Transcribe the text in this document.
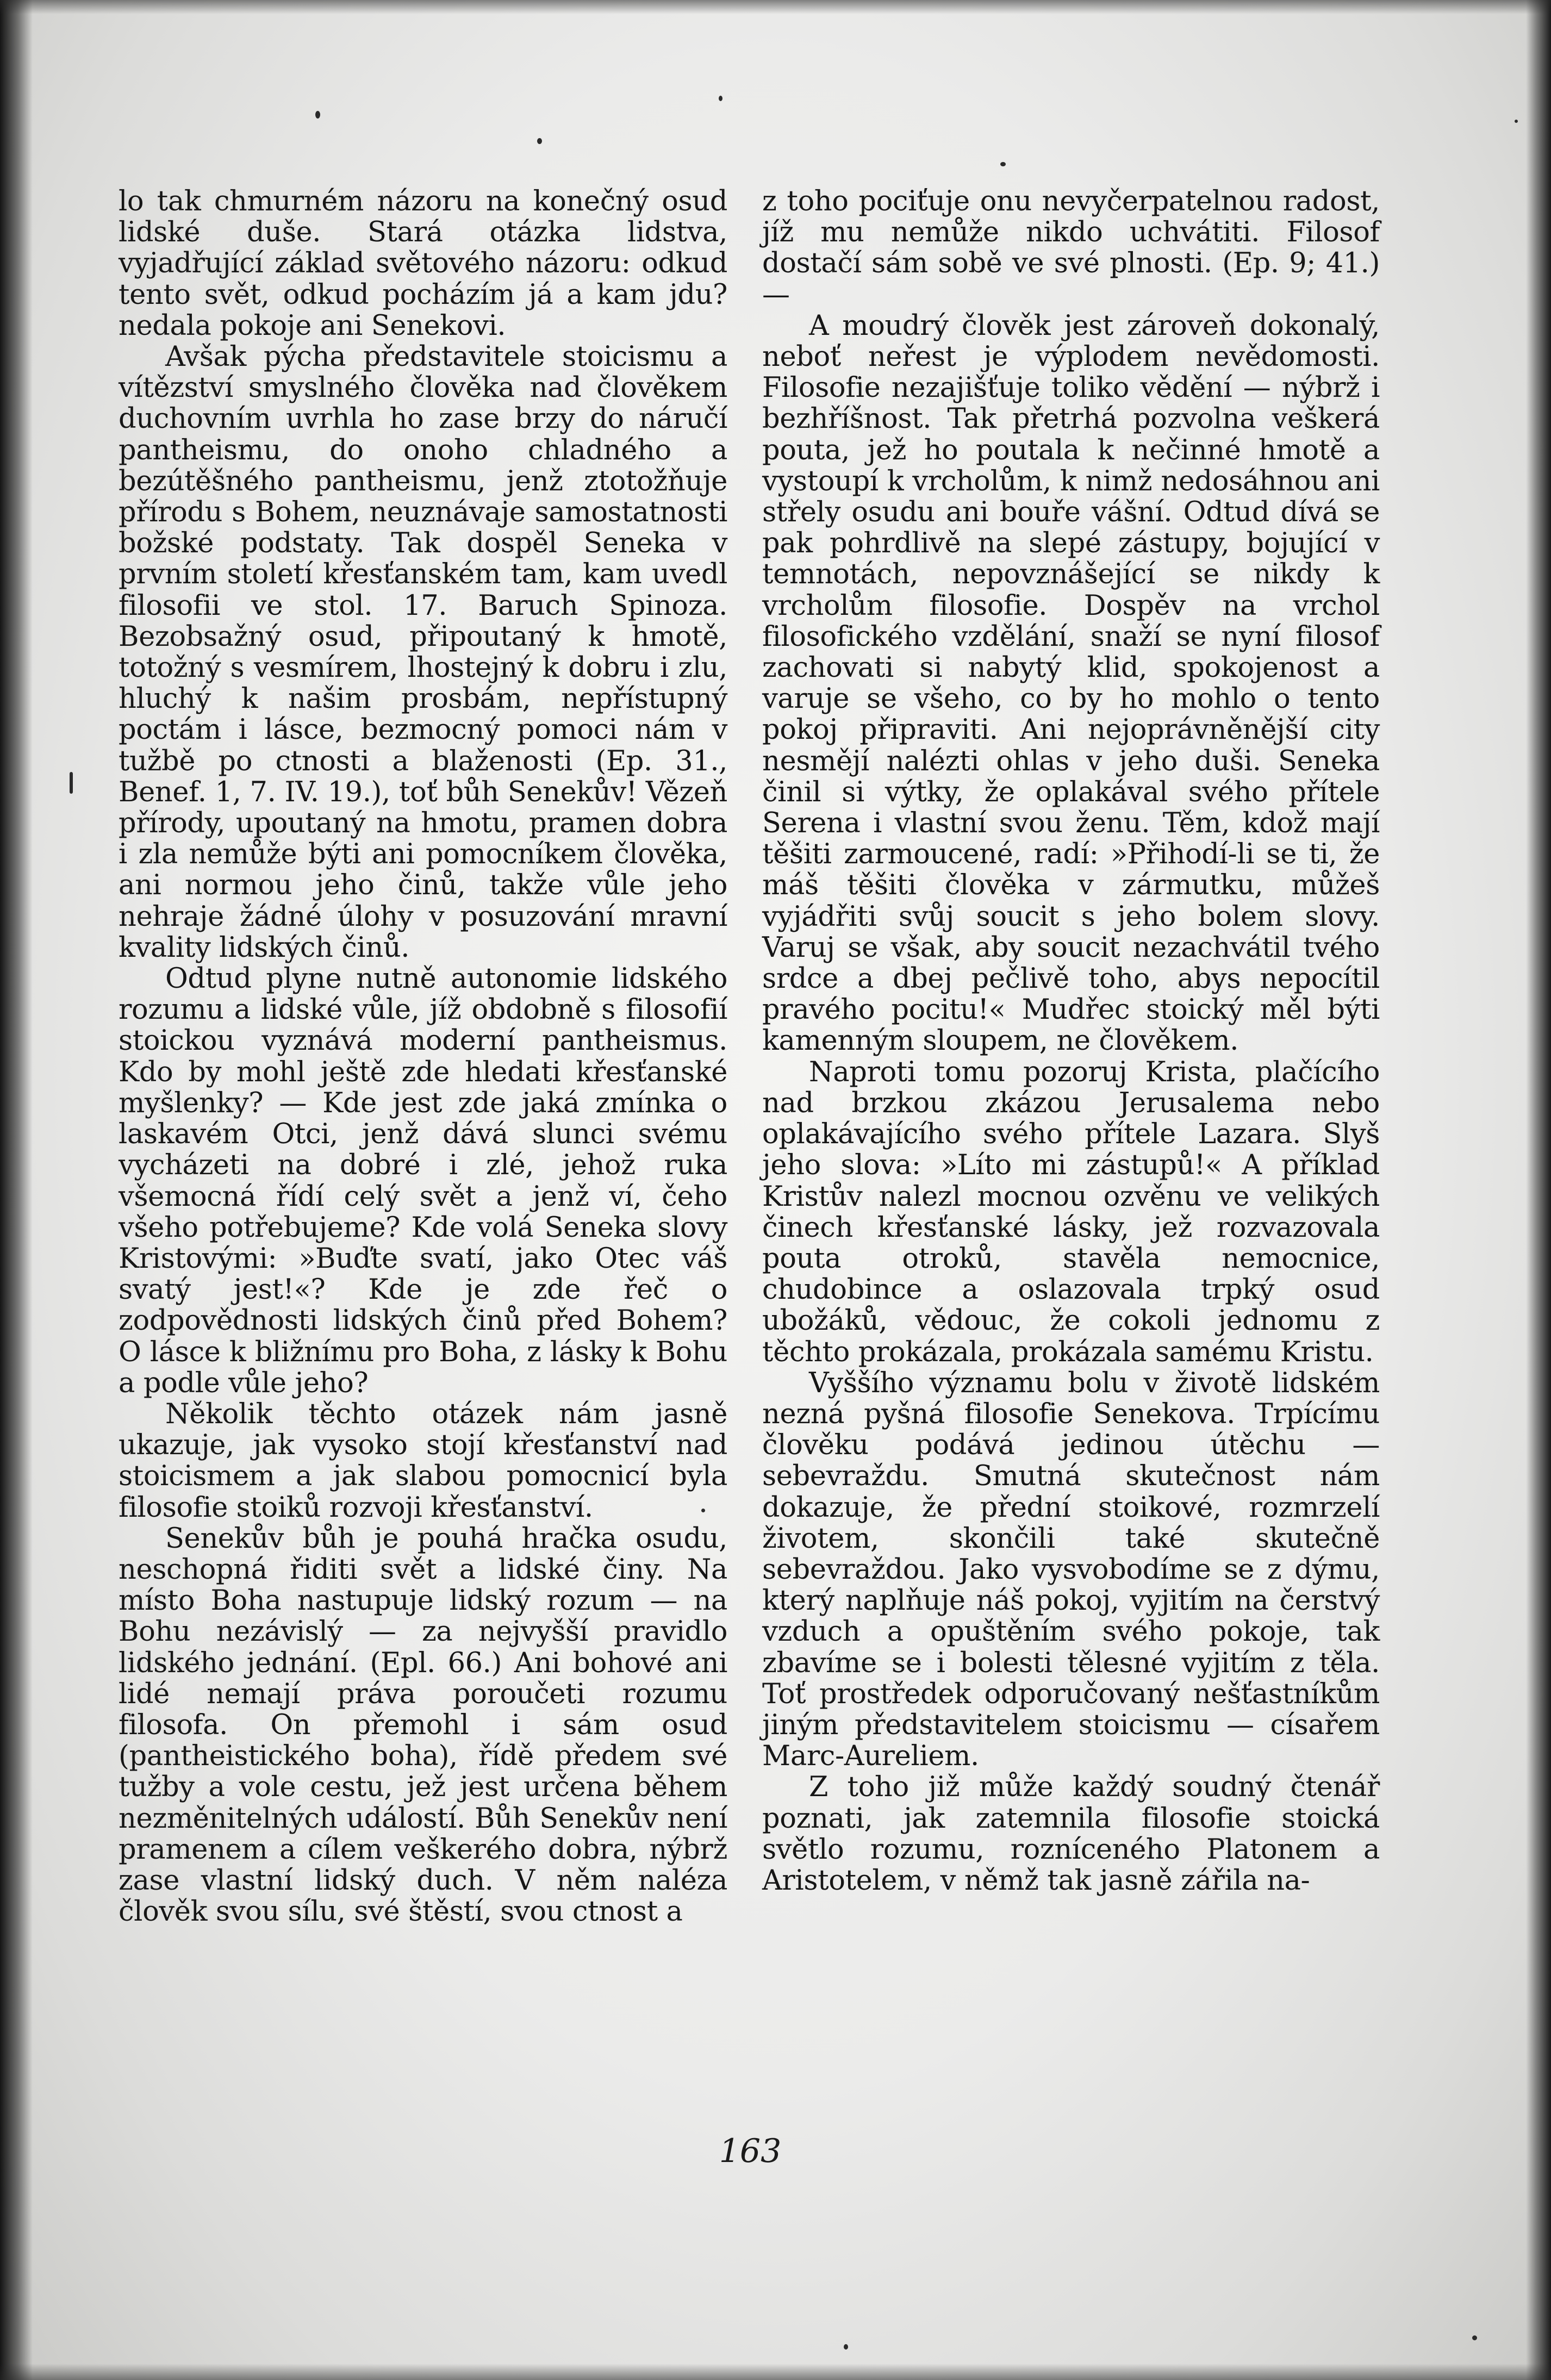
lo tak chmurném názoru na konečný osud lidské duše. Stará otázka lidstva, vyjadřující základ světového názoru: odkud tento svět, odkud pocházím já a kam jdu? nedala pokoje ani Senekovi.

Avšak pýcha představitele stoicismu a vítězství smyslného člověka nad člověkem duchovním uvrhla ho zase brzy do náručí pantheismu, do onoho chladného a bezútěšného pantheismu, jenž ztotožňuje přírodu s Bohem, neuznávaje samostatnosti božské podstaty. Tak dospěl Seneka v prvním století křesťanském tam, kam uvedl filosofii ve stol. 17. Baruch Spinoza. Bezobsažný osud, připoutaný k hmotě, totožný s vesmírem, lhostejný k dobru i zlu, hluchý k našim prosbám, nepřístupný poctám i lásce, bezmocný pomoci nám v tužbě po ctnosti a blaženosti (Ep. 31., Benef. 1, 7. IV. 19.), toť bůh Senekův! Vězeň přírody, upoutaný na hmotu, pramen dobra i zla nemůže býti ani pomocníkem člověka, ani normou jeho činů, takže vůle jeho nehraje žádné úlohy v posuzování mravní kvality lidských činů.

Odtud plyne nutně autonomie lidského rozumu a lidské vůle, jíž obdobně s filosofií stoickou vyznává moderní pantheismus. Kdo by mohl ještě zde hledati křesťanské myšlenky? — Kde jest zde jaká zmínka o laskavém Otci, jenž dává slunci svému vycházeti na dobré i zlé, jehož ruka všemocná řídí celý svět a jenž ví, čeho všeho potřebujeme? Kde volá Seneka slovy Kristovými: »Buďte svatí, jako Otec váš svatý jest!«? Kde je zde řeč o zodpovědnosti lidských činů před Bohem? O lásce k bližnímu pro Boha, z lásky k Bohu a podle vůle jeho?

Několik těchto otázek nám jasně ukazuje, jak vysoko stojí křesťanství nad stoicismem a jak slabou pomocnicí byla filosofie stoiků rozvoji křesťanství.

Senekův bůh je pouhá hračka osudu, neschopná řiditi svět a lidské činy. Na místo Boha nastupuje lidský rozum — na Bohu nezávislý — za nejvyšší pravidlo lidského jednání. (Epl. 66.) Ani bohové ani lidé nemají práva poroučeti rozumu filosofa. On přemohl i sám osud (pantheistického boha), řídě předem své tužby a vole cestu, jež jest určena během nezměnitelných událostí. Bůh Senekův není pramenem a cílem veškerého dobra, nýbrž zase vlastní lidský duch. V něm naléza člověk svou sílu, své štěstí, svou ctnost a

z toho pociťuje onu nevyčerpatelnou radost, jíž mu nemůže nikdo uchvátiti. Filosof dostačí sám sobě ve své plnosti. (Ep. 9; 41.) —

A moudrý člověk jest zároveň dokonalý, neboť neřest je výplodem nevědomosti. Filosofie nezajišťuje toliko vědění — nýbrž i bezhříšnost. Tak přetrhá pozvolna veškerá pouta, jež ho poutala k nečinné hmotě a vystoupí k vrcholům, k nimž nedosáhnou ani střely osudu ani bouře vášní. Odtud dívá se pak pohrdlivě na slepé zástupy, bojující v temnotách, nepovznášející se nikdy k vrcholům filosofie. Dospěv na vrchol filosofického vzdělání, snaží se nyní filosof zachovati si nabytý klid, spokojenost a varuje se všeho, co by ho mohlo o tento pokoj připraviti. Ani nejoprávněnější city nesmějí nalézti ohlas v jeho duši. Seneka činil si výtky, že oplakával svého přítele Serena i vlastní svou ženu. Těm, kdož mají těšiti zarmoucené, radí: »Přihodí-li se ti, že máš těšiti člověka v zármutku, můžeš vyjádřiti svůj soucit s jeho bolem slovy. Varuj se však, aby soucit nezachvátil tvého srdce a dbej pečlivě toho, abys nepocítil pravého pocitu!« Mudřec stoický měl býti kamenným sloupem, ne člověkem.

Naproti tomu pozoruj Krista, plačícího nad brzkou zkázou Jerusalema nebo oplakávajícího svého přítele Lazara. Slyš jeho slova: »Líto mi zástupů!« A příklad Kristův nalezl mocnou ozvěnu ve velikých činech křesťanské lásky, jež rozvazovala pouta otroků, stavěla nemocnice, chudobince a oslazovala trpký osud ubožáků, vědouc, že cokoli jednomu z těchto prokázala, prokázala samému Kristu.

Vyššího významu bolu v životě lidském nezná pyšná filosofie Senekova. Trpícímu člověku podává jedinou útěchu — sebevraždu. Smutná skutečnost nám dokazuje, že přední stoikové, rozmrzelí životem, skončili také skutečně sebevraždou. Jako vysvobodíme se z dýmu, který naplňuje náš pokoj, vyjitím na čerstvý vzduch a opuštěním svého pokoje, tak zbavíme se i bolesti tělesné vyjitím z těla. Toť prostředek odporučovaný nešťastníkům jiným představitelem stoicismu — císařem Marc-Aureliem.

Z toho již může každý soudný čtenář poznati, jak zatemnila filosofie stoická světlo rozumu, rozníceného Platonem a Aristotelem, v němž tak jasně zářila na-

163
